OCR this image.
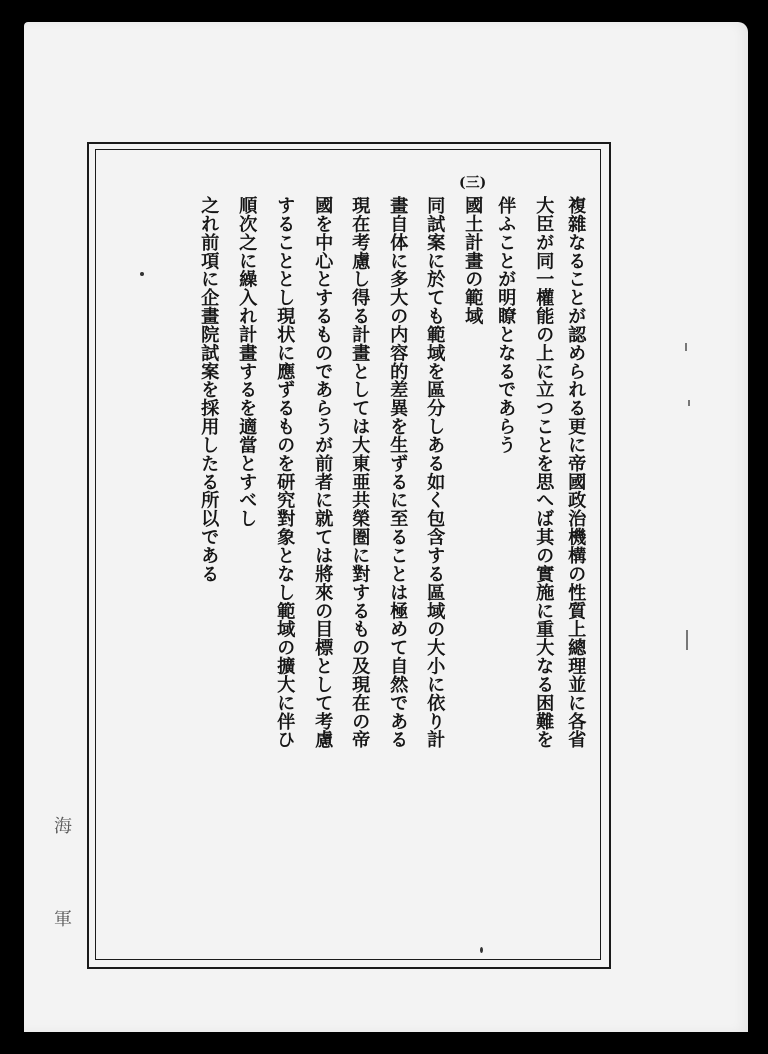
(三)
複雜なることが認められる更に帝國政治機構の性質上總理並に各省
大臣が同一權能の上に立つことを思へば其の實施に重大なる困難を
伴ふことが明瞭となるであらう
國土計畫の範域
同試案に於ても範域を區分しある如く包含する區域の大小に依り計
畫自体に多大の内容的差異を生ずるに至ることは極めて自然である
現在考慮し得る計畫としては大東亜共榮圏に對するもの及現在の帝
國を中心とするものであらうが前者に就ては將來の目標として考慮
することとし現状に應ずるものを研究對象となし範域の擴大に伴ひ
順次之に繰入れ計畫するを適當とすべし
之れ前項に企畫院試案を採用したる所以である
海
軍
